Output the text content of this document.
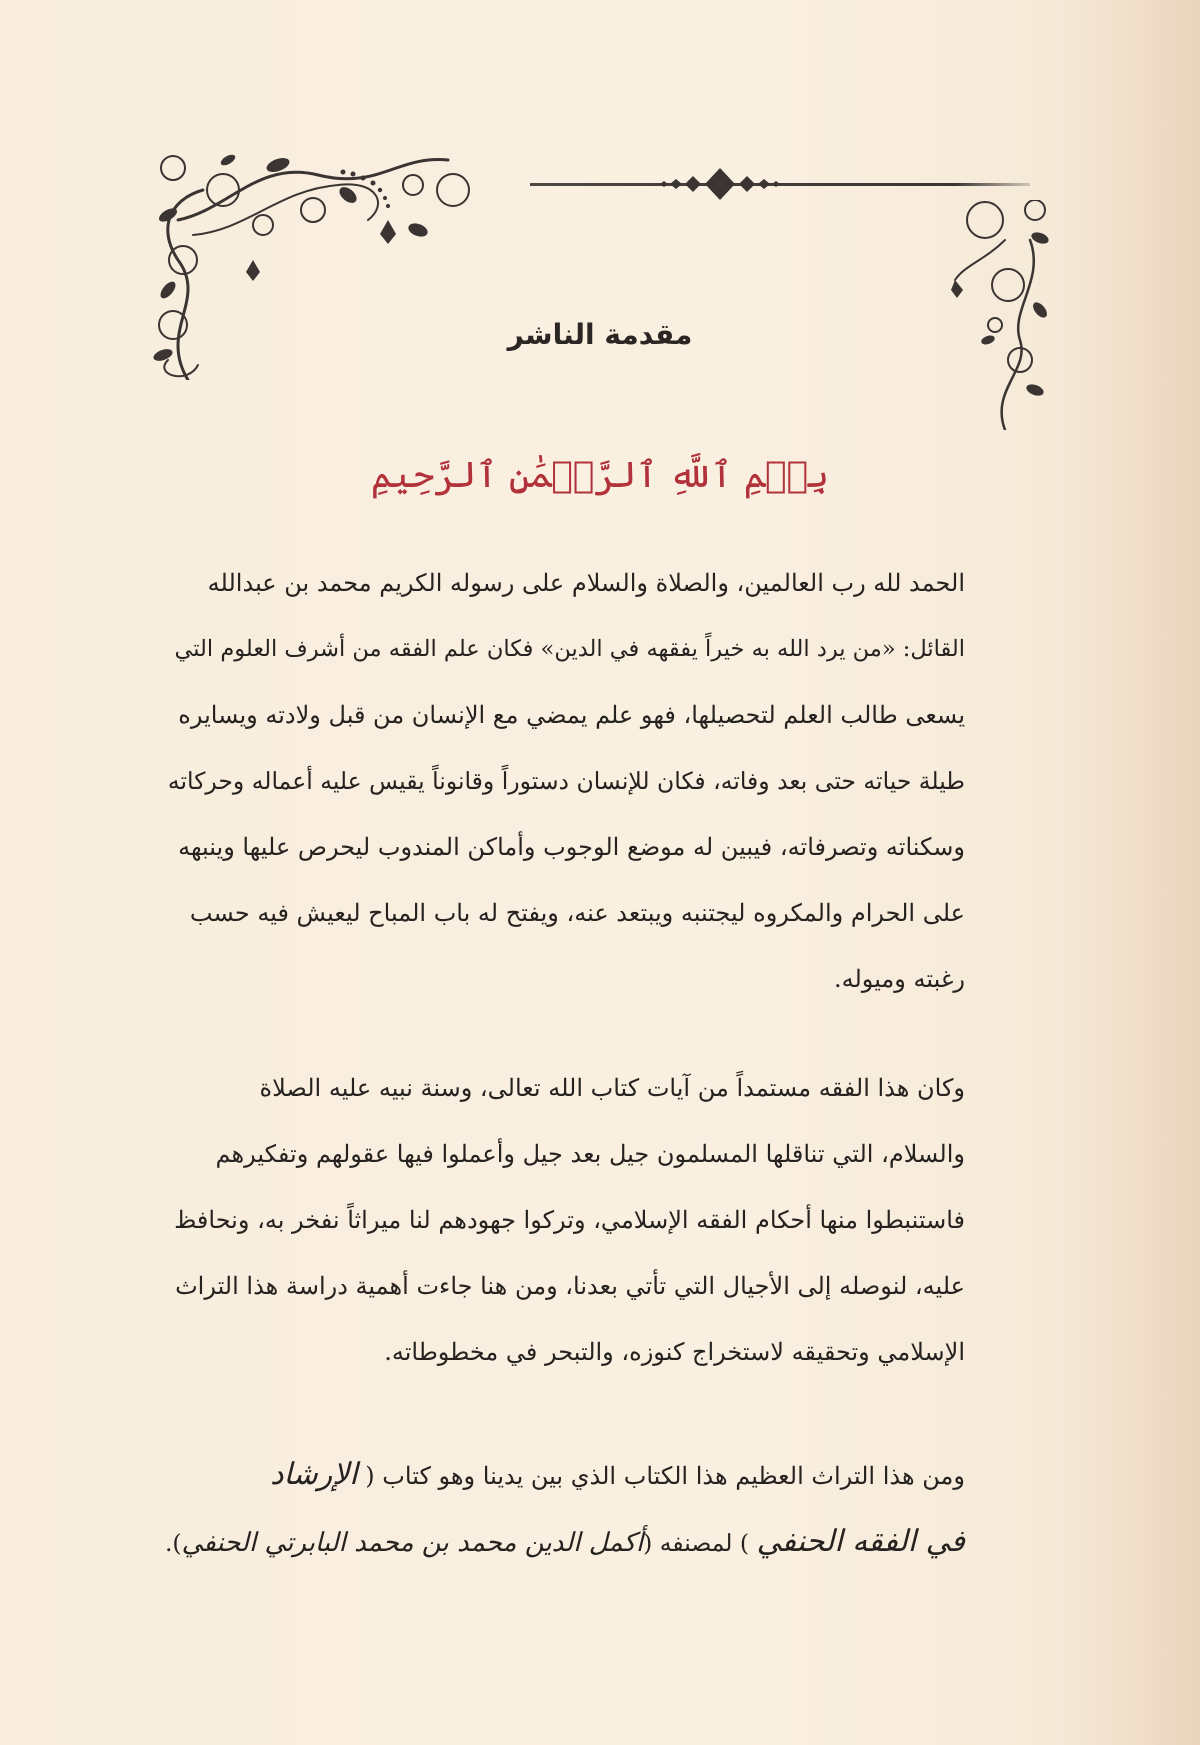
مقدمة الناشر
بِسۡمِ ٱللَّهِ ٱلرَّحۡمَٰنِ ٱلرَّحِيمِ
الحمد لله رب العالمين، والصلاة والسلام على رسوله الكريم محمد بن عبدالله
القائل: «من يرد الله به خيراً يفقهه في الدين» فكان علم الفقه من أشرف العلوم التي
يسعى طالب العلم لتحصيلها، فهو علم يمضي مع الإنسان من قبل ولادته ويسايره
طيلة حياته حتى بعد وفاته، فكان للإنسان دستوراً وقانوناً يقيس عليه أعماله وحركاته
وسكناته وتصرفاته، فيبين له موضع الوجوب وأماكن المندوب ليحرص عليها وينبهه
على الحرام والمكروه ليجتنبه ويبتعد عنه، ويفتح له باب المباح ليعيش فيه حسب
رغبته وميوله.
وكان هذا الفقه مستمداً من آيات كتاب الله تعالى، وسنة نبيه عليه الصلاة
والسلام، التي تناقلها المسلمون جيل بعد جيل وأعملوا فيها عقولهم وتفكيرهم
فاستنبطوا منها أحكام الفقه الإسلامي، وتركوا جهودهم لنا ميراثاً نفخر به، ونحافظ
عليه، لنوصله إلى الأجيال التي تأتي بعدنا، ومن هنا جاءت أهمية دراسة هذا التراث
الإسلامي وتحقيقه لاستخراج كنوزه، والتبحر في مخطوطاته.
ومن هذا التراث العظيم هذا الكتاب الذي بين يدينا وهو كتاب ( الإرشاد
في الفقه الحنفي ) لمصنفه (أكمل الدين محمد بن محمد البابرتي الحنفي).
